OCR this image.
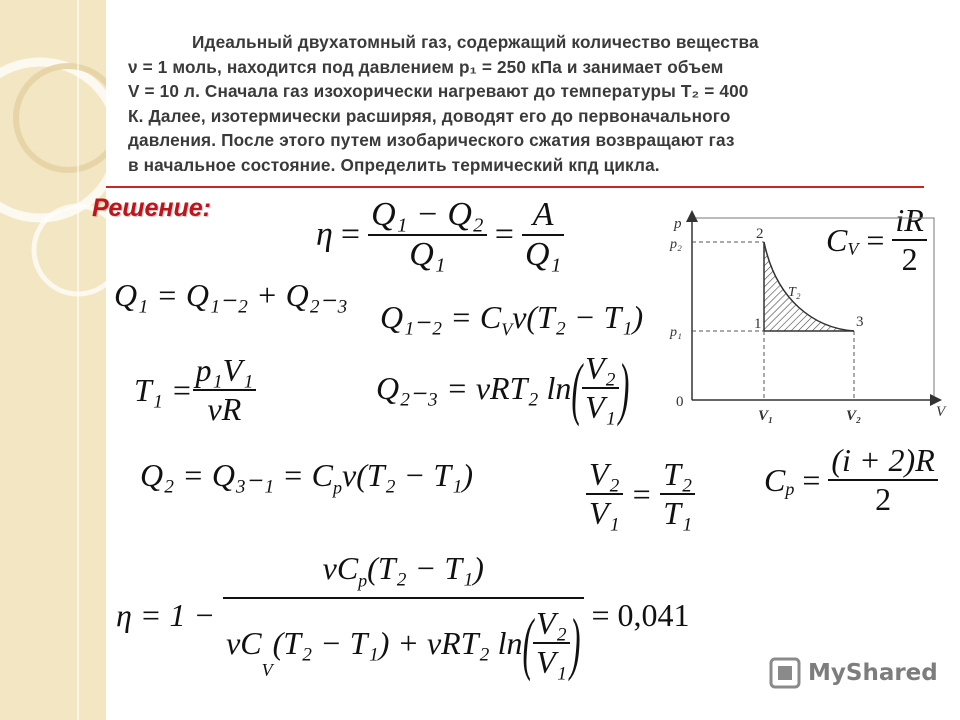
Идеальный двухатомный газ, содержащий количество вещества

ν = 1 моль, находится под давлением p₁ = 250 кПа и занимает объем

V = 10 л. Сначала газ изохорически нагревают до температуры T₂ = 400

К. Далее, изотермически расширяя, доводят его до первоначального

давления. После этого путем изобарического сжатия возвращают газ

в начальное состояние. Определить термический кпд цикла.

Решение:
$\eta = \frac{\text{Q₁ − Q₂}}{\text{Q₁}} = \frac{A}{\text{Q₁}}$
Q₁ = Q₁₋₂ + Q₂₋₃
$Q_{1-2} = C_V\nu(T_2 - T_1)$
$T_1 = \frac{\text{p₁V₁}}{\nu R}$	Q₂₋₃ = νRT₂ ln ( $\frac{\text{V₂}}{\text{V₁}}$ )
$Q_2 = Q_{3-1} = C_p\nu(T_2 - T_1)$	$\frac{\text{V₂}}{\text{V₁}} = \frac{\text{T₂}}{\text{T₁}}$
$C_V = \frac{iR}{2}$
$C_p = \frac{(i + 2)R}{2}$
η = 1 −
$\nu C_p(T_2 - T_1)$
ν C
$_V$
(T₂ − T₁) + νRT₂ ln ( $\frac{\text{V₂}}{\text{V₁}}$ ) = 0,041
p
p₂
p₁
0
V₁	V₂	V
2
1	3
T₂
MyShared
